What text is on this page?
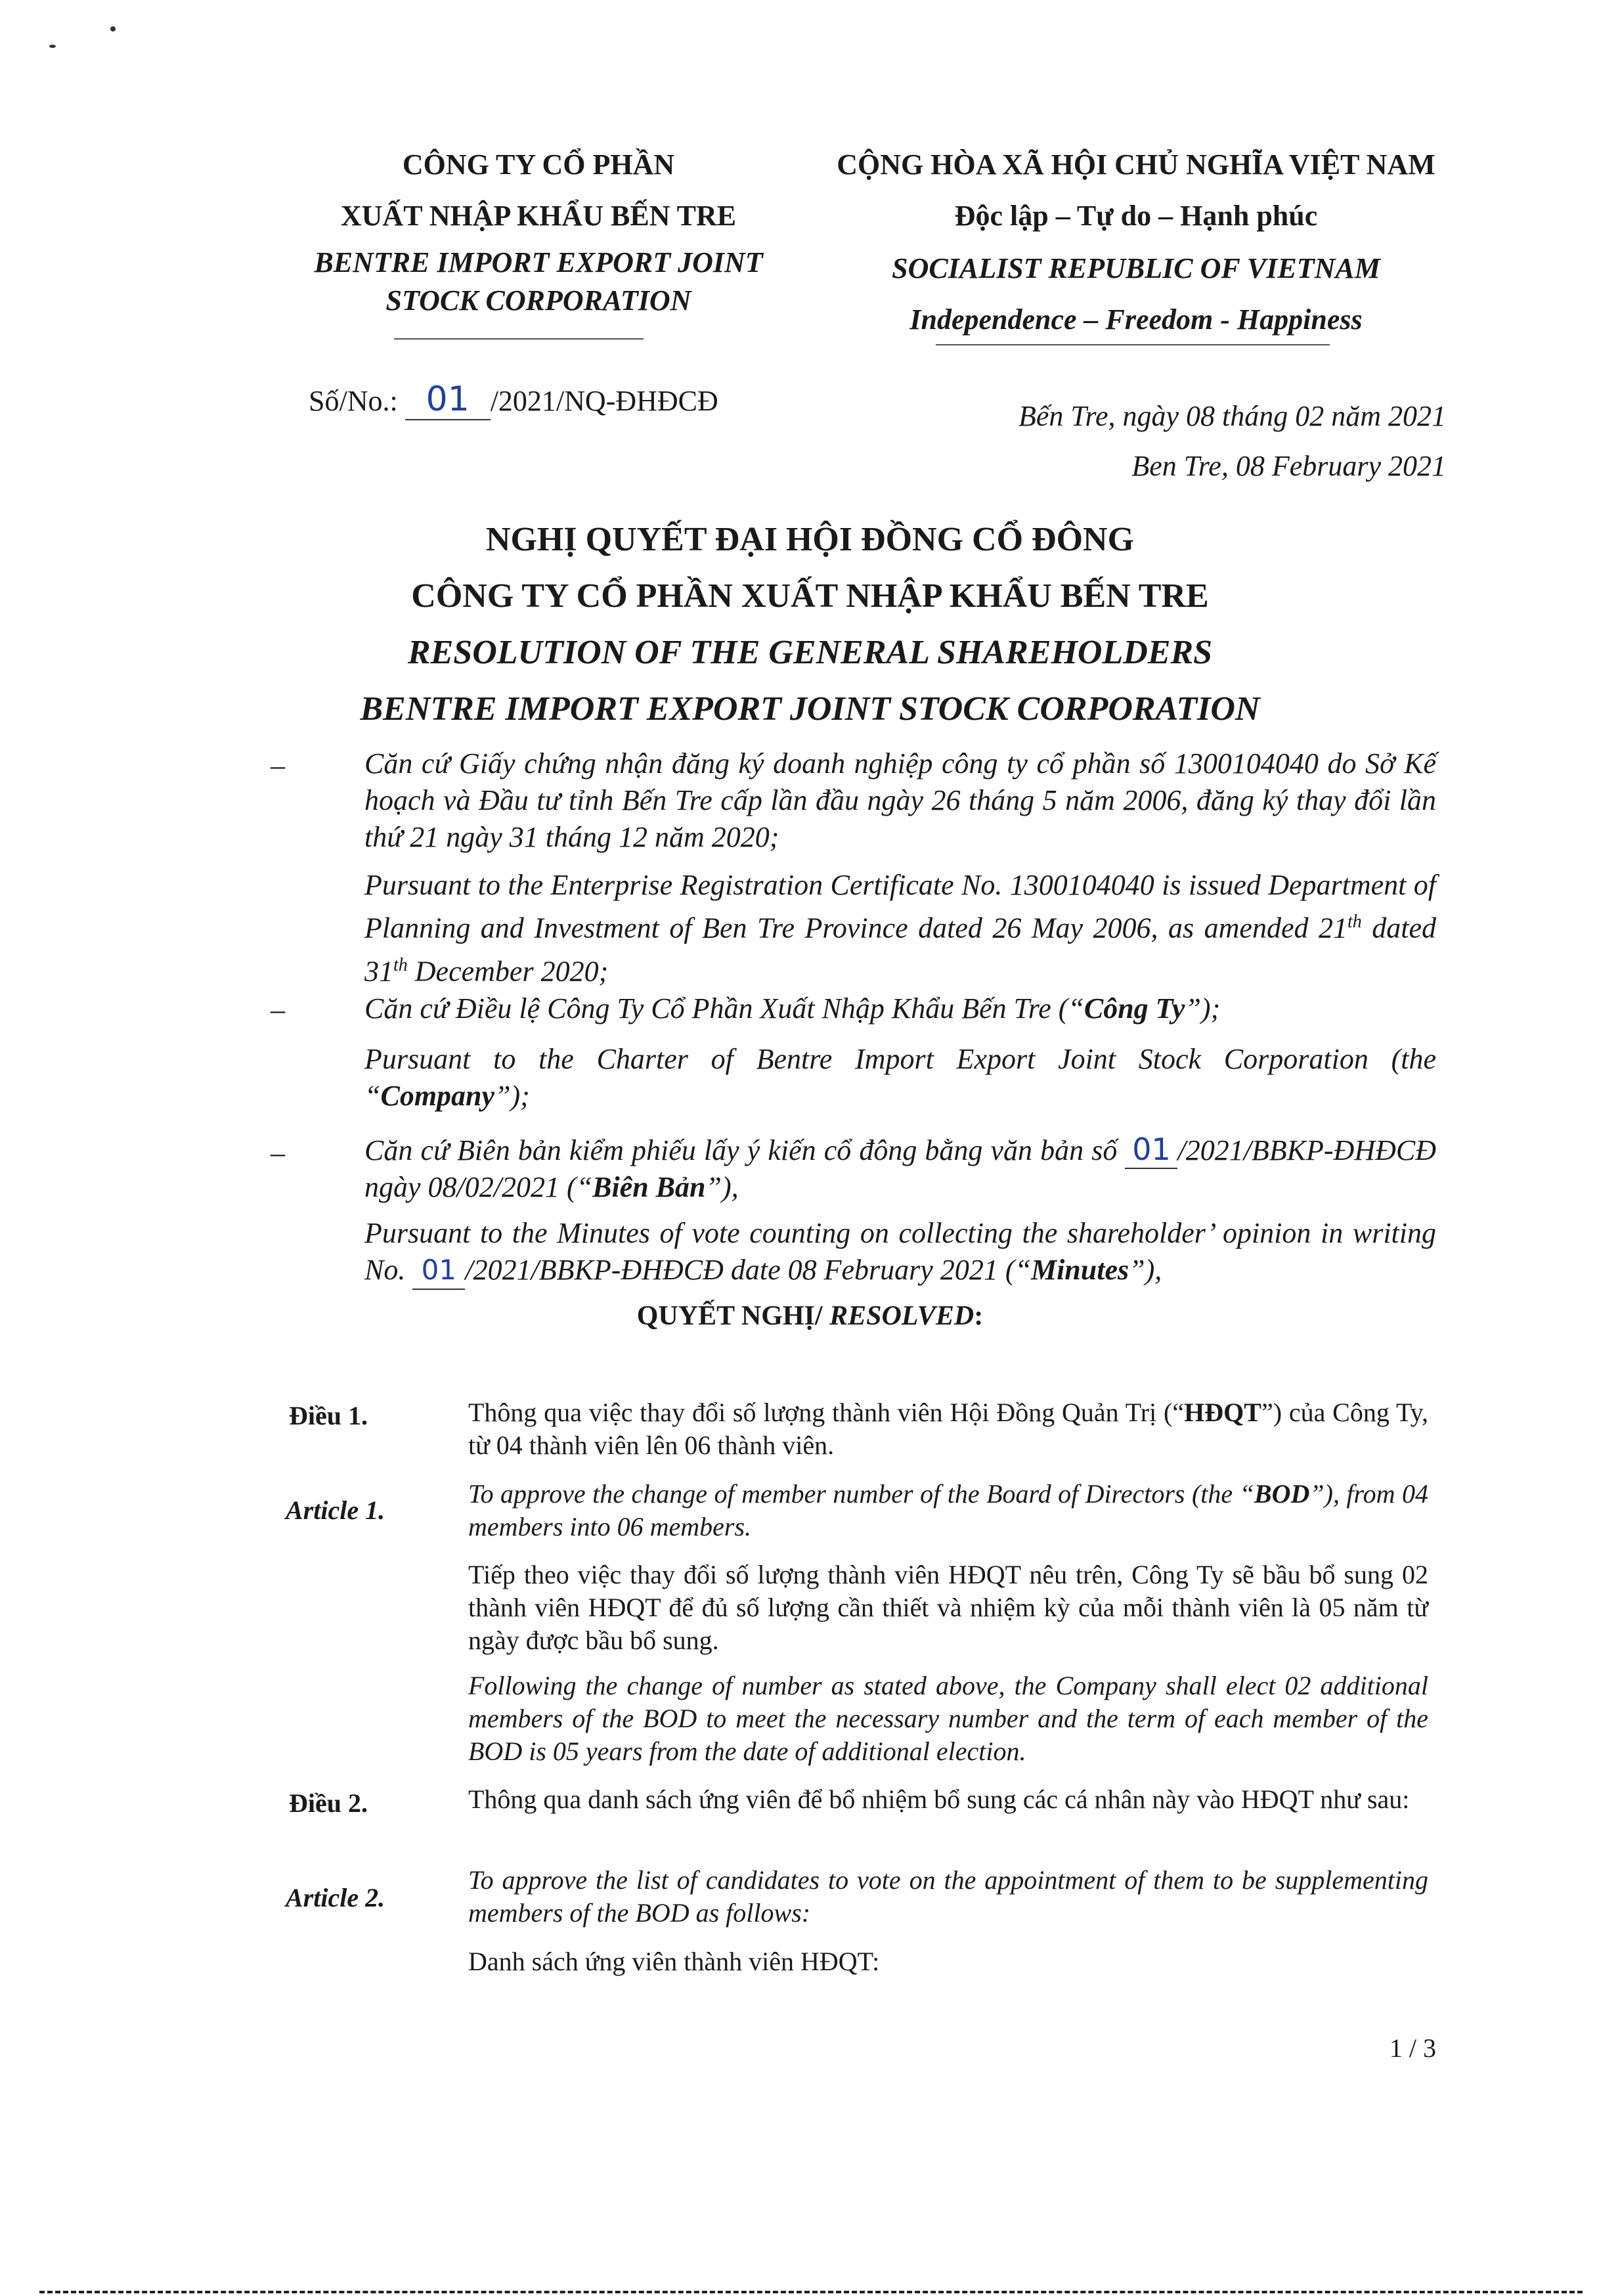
CÔNG TY CỔ PHẦN
XUẤT NHẬP KHẨU BẾN TRE
BENTRE IMPORT EXPORT JOINT
STOCK CORPORATION
CỘNG HÒA XÃ HỘI CHỦ NGHĨA VIỆT NAM
Độc lập – Tự do – Hạnh phúc
SOCIALIST REPUBLIC OF VIETNAM
Independence – Freedom - Happiness
Số/No.: 01 /2021/NQ-ĐHĐCĐ	Bến Tre, ngày 08 tháng 02 năm 2021
Ben Tre, 08 February 2021
NGHỊ QUYẾT ĐẠI HỘI ĐỒNG CỔ ĐÔNG
CÔNG TY CỔ PHẦN XUẤT NHẬP KHẨU BẾN TRE
RESOLUTION OF THE GENERAL SHAREHOLDERS
BENTRE IMPORT EXPORT JOINT STOCK CORPORATION
–	Căn cứ Giấy chứng nhận đăng ký doanh nghiệp công ty cổ phần số 1300104040 do Sở Kế hoạch và Đầu tư tỉnh Bến Tre cấp lần đầu ngày 26 tháng 5 năm 2006, đăng ký thay đổi lần thứ 21 ngày 31 tháng 12 năm 2020;
Pursuant to the Enterprise Registration Certificate No. 1300104040 is issued Department of Planning and Investment of Ben Tre Province dated 26 May 2006, as amended 21th dated 31th December 2020;
–	Căn cứ Điều lệ Công Ty Cổ Phần Xuất Nhập Khẩu Bến Tre (“Công Ty”);
Pursuant to the Charter of Bentre Import Export Joint Stock Corporation (the “Company”);
–	Căn cứ Biên bản kiểm phiếu lấy ý kiến cổ đông bằng văn bản số 01 /2021/BBKP-ĐHĐCĐ ngày 08/02/2021 (“Biên Bản”),
Pursuant to the Minutes of vote counting on collecting the shareholder’ opinion in writing No. 01 /2021/BBKP-ĐHĐCĐ date 08 February 2021 (“Minutes”),
QUYẾT NGHỊ/ RESOLVED:
Điều 1.	Thông qua việc thay đổi số lượng thành viên Hội Đồng Quản Trị (“HĐQT”) của Công Ty, từ 04 thành viên lên 06 thành viên.
Article 1.
To approve the change of member number of the Board of Directors (the “BOD”), from 04 members into 06 members.
Tiếp theo việc thay đổi số lượng thành viên HĐQT nêu trên, Công Ty sẽ bầu bổ sung 02 thành viên HĐQT để đủ số lượng cần thiết và nhiệm kỳ của mỗi thành viên là 05 năm từ ngày được bầu bổ sung.
Following the change of number as stated above, the Company shall elect 02 additional members of the BOD to meet the necessary number and the term of each member of the BOD is 05 years from the date of additional election.
Điều 2.	Thông qua danh sách ứng viên để bổ nhiệm bổ sung các cá nhân này vào HĐQT như sau:
Article 2.
To approve the list of candidates to vote on the appointment of them to be supplementing members of the BOD as follows:
Danh sách ứng viên thành viên HĐQT:
1 / 3
